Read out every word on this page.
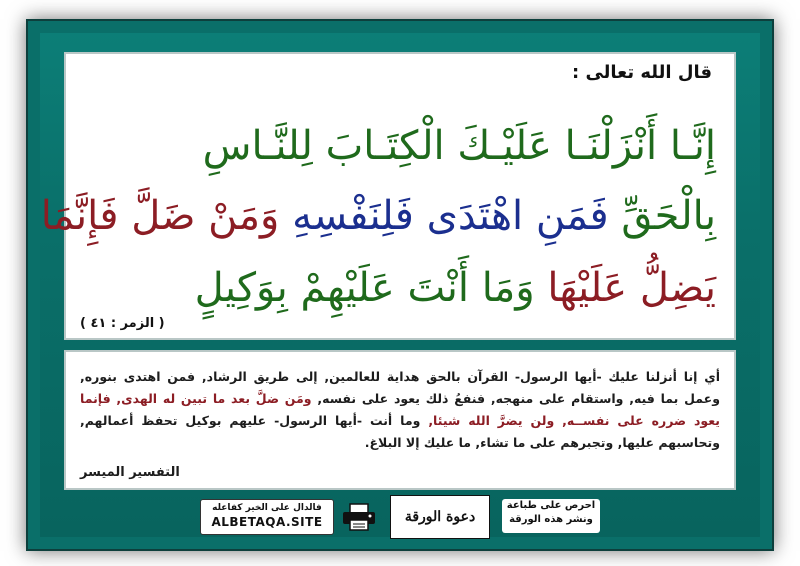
قال الله تعالى :
إِنَّـا أَنْزَلْنَـا عَلَيْـكَ الْكِتَـابَ لِلنَّـاسِ
بِالْحَقِّ فَمَنِ اهْتَدَى فَلِنَفْسِهِ وَمَنْ ضَلَّ فَإِنَّمَا
يَضِلُّ عَلَيْهَا وَمَا أَنْتَ عَلَيْهِمْ بِوَكِيلٍ
( الزمر : ٤١ )
أي إنا أنزلنا عليك -أيها الرسول- القرآن بالحق هداية للعالمين, إلى طريق الرشاد, فمن اهتدى بنوره, وعمل بما فيه, واستقام على منهجه, فنفعُ ذلك يعود على نفسه, ومَن ضلَّ بعد ما تبين له الهدى, فإنما يعود ضرره على نفســه, ولن يضرَّ الله شيئا, وما أنت -أيها الرسول- عليهم بوكيل تحفظ أعمالهم, وتحاسبهم عليها, وتجبرهم على ما تشاء, ما عليك إلا البلاغ.
التفسير الميسر
فالدال على الخير كفاعله
ALBETAQA.SITE	دعوة الورقة
احرص على طباعة
ونشر هذه الورقة
